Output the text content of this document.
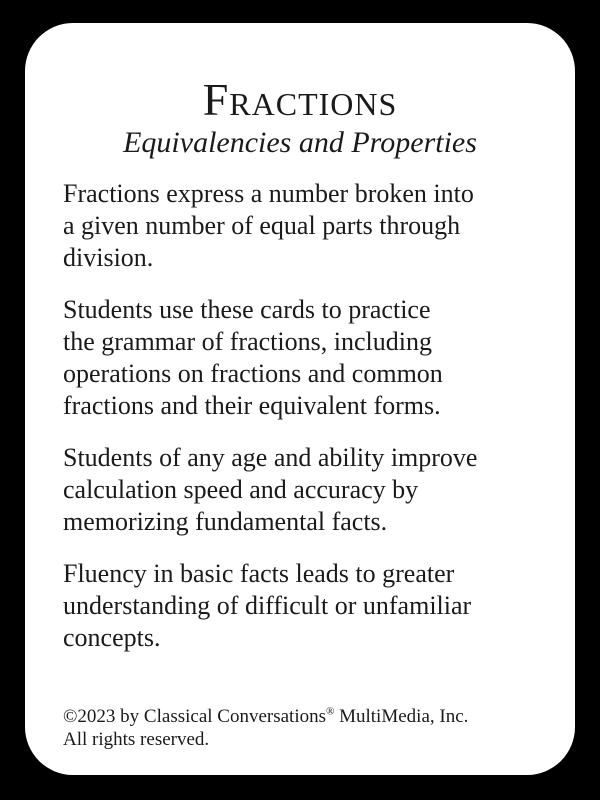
Fractions
Equivalencies and Properties

Fractions express a number broken into
a given number of equal parts through
division.

Students use these cards to practice
the grammar of fractions, including
operations on fractions and common
fractions and their equivalent forms.

Students of any age and ability improve
calculation speed and accuracy by
memorizing fundamental facts.

Fluency in basic facts leads to greater
understanding of difficult or unfamiliar
concepts.

©2023 by Classical Conversations® MultiMedia, Inc.
All rights reserved.
